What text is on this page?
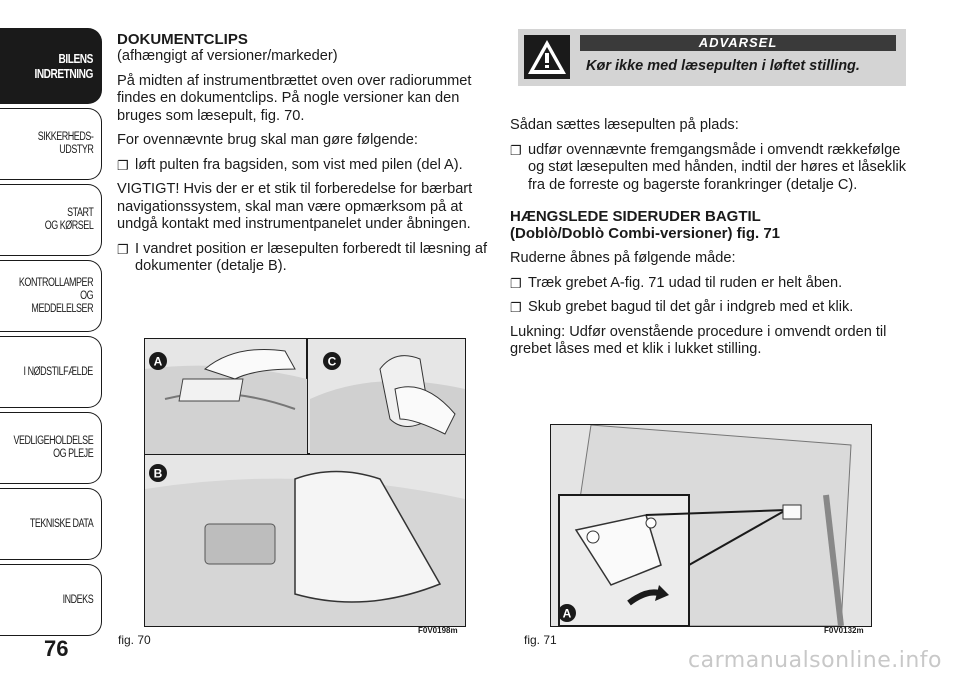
BILENS
INDRETNING
SIKKERHEDS-
UDSTYR
START
OG KØRSEL
KONTROLLAMPER
OG MEDDELELSER
I NØDSTILFÆLDE
VEDLIGEHOLDELSE
OG PLEJE
TEKNISKE DATA
INDEKS
76
DOKUMENTCLIPS

(afhængigt af versioner/markeder)

På midten af instrumentbrættet oven over radiorummet findes en dokumentclips. På nogle versioner kan den bruges som læsepult, fig. 70.

For ovennævnte brug skal man gøre følgende:

❐ løft pulten fra bagsiden, som vist med pilen (del A).

VIGTIGT! Hvis der er et stik til forberedelse for bærbart navigationssystem, skal man være opmærksom på at undgå kontakt med instrumentpanelet under åbningen.

❐ I vandret position er læsepulten forberedt til læsning af dokumenter (detalje B).
ADVARSEL
Kør ikke med læsepulten i løftet stilling.

Sådan sættes læsepulten på plads:

❐ udfør ovennævnte fremgangsmåde i omvendt rækkefølge og støt læsepulten med hånden, indtil der høres et låseklik fra de forreste og bagerste forankringer (detalje C).
HÆNGSLEDE SIDERUDER BAGTIL
(Doblò/Doblò Combi-versioner) fig. 71

Ruderne åbnes på følgende måde:

❐ Træk grebet A-fig. 71 udad til ruden er helt åben.
❐ Skub grebet bagud til det går i indgreb med et klik.

Lukning: Udfør ovenstående procedure i omvendt orden til grebet låses med et klik i lukket stilling.

A	C
B
fig. 70
F0V0198m
A
fig. 71
F0V0132m
carmanualsonline.info
